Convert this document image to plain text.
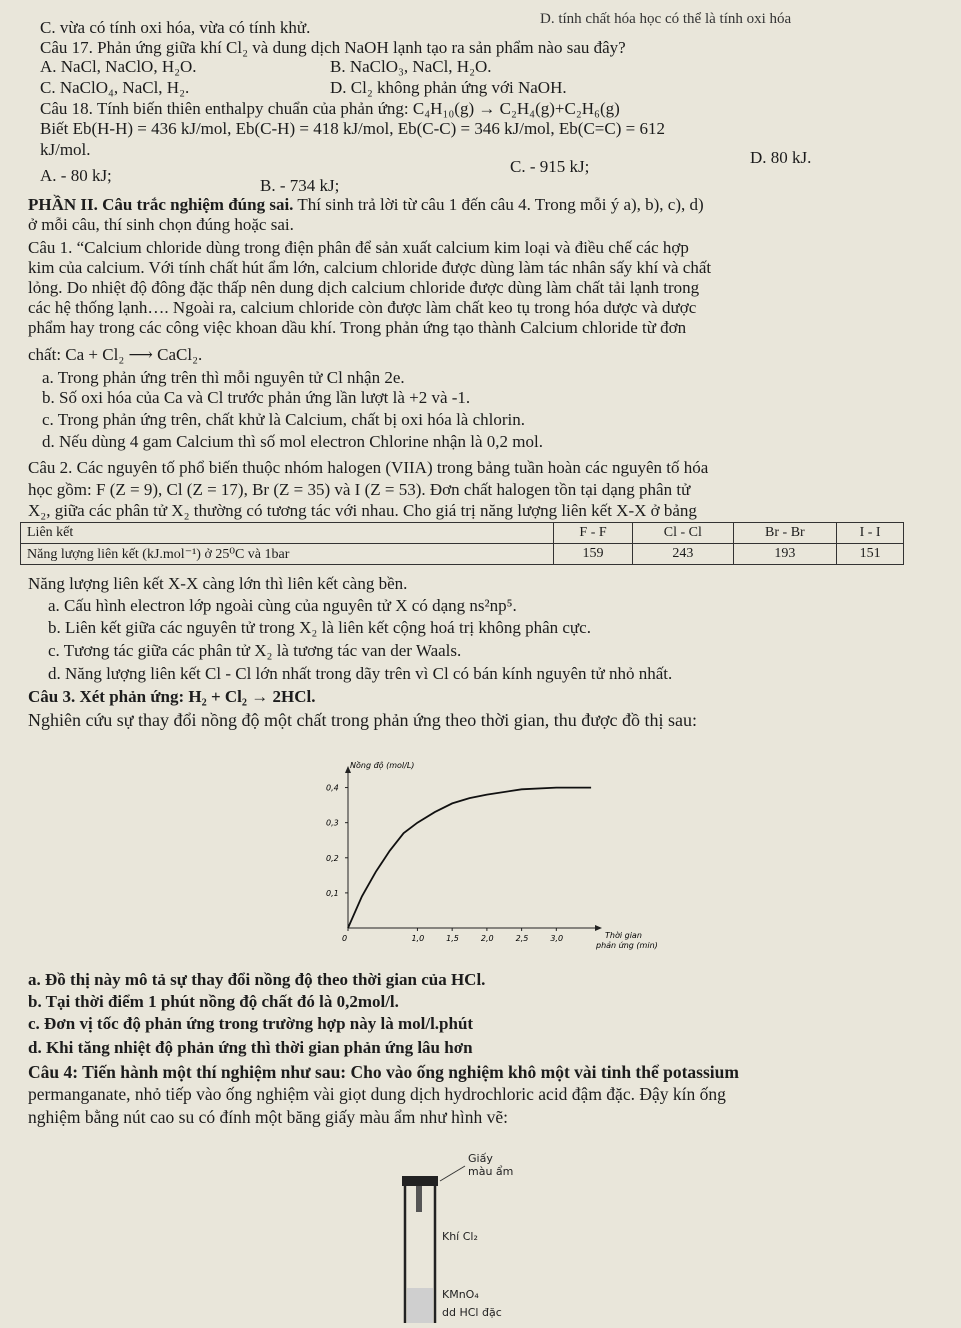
D. tính chất hóa học có thể là tính oxi hóa
C. vừa có tính oxi hóa, vừa có tính khử.
Câu 17. Phản ứng giữa khí Cl₂ và dung dịch NaOH lạnh tạo ra sản phẩm nào sau đây?
A. NaCl, NaClO, H₂O.	B. NaClO₃, NaCl, H₂O.
C. NaClO₄, NaCl, H₂.	D. Cl₂ không phản ứng với NaOH.
Câu 18. Tính biến thiên enthalpy chuẩn của phản ứng: C₄H₁₀(g) → C₂H₄(g)+C₂H₆(g)
Biết Eb(H-H) = 436 kJ/mol, Eb(C-H) = 418 kJ/mol, Eb(C-C) = 346 kJ/mol, Eb(C=C) = 612
kJ/mol.
A. - 80 kJ;
B. - 734 kJ;
C. - 915 kJ;	D. 80 kJ.
PHẦN II. Câu trắc nghiệm đúng sai. Thí sinh trả lời từ câu 1 đến câu 4. Trong mỗi ý a), b), c), d)
ở mỗi câu, thí sinh chọn đúng hoặc sai.
Câu 1. “Calcium chloride dùng trong điện phân để sản xuất calcium kim loại và điều chế các hợp
kim của calcium. Với tính chất hút ẩm lớn, calcium chloride được dùng làm tác nhân sấy khí và chất
lỏng. Do nhiệt độ đông đặc thấp nên dung dịch calcium chloride được dùng làm chất tải lạnh trong
các hệ thống lạnh…. Ngoài ra, calcium chloride còn được làm chất keo tụ trong hóa dược và dược
phẩm hay trong các công việc khoan dầu khí. Trong phản ứng tạo thành Calcium chloride từ đơn
chất: Ca + Cl₂ ⟶ CaCl₂.
a. Trong phản ứng trên thì mỗi nguyên tử Cl nhận 2e.
b. Số oxi hóa của Ca và Cl trước phản ứng lần lượt là +2 và -1.
c. Trong phản ứng trên, chất khử là Calcium, chất bị oxi hóa là chlorin.
d. Nếu dùng 4 gam Calcium thì số mol electron Chlorine nhận là 0,2 mol.
Câu 2. Các nguyên tố phổ biến thuộc nhóm halogen (VIIA) trong bảng tuần hoàn các nguyên tố hóa
học gồm: F (Z = 9), Cl (Z = 17), Br (Z = 35) và I (Z = 53). Đơn chất halogen tồn tại dạng phân tử
X₂, giữa các phân tử X₂ thường có tương tác với nhau. Cho giá trị năng lượng liên kết X-X ở bảng
Liên kết	F - F	Cl - Cl	Br - Br	I - I
Năng lượng liên kết (kJ.mol⁻¹) ở 25⁰C và 1bar	159	243	193	151
Năng lượng liên kết X-X càng lớn thì liên kết càng bền.
a. Cấu hình electron lớp ngoài cùng của nguyên tử X có dạng ns²np⁵.
b. Liên kết giữa các nguyên tử trong X₂ là liên kết cộng hoá trị không phân cực.
c. Tương tác giữa các phân tử X₂ là tương tác van der Waals.
d. Năng lượng liên kết Cl - Cl lớn nhất trong dãy trên vì Cl có bán kính nguyên tử nhỏ nhất.
Câu 3. Xét phản ứng: H₂ + Cl₂ → 2HCl.
Nghiên cứu sự thay đổi nồng độ một chất trong phản ứng theo thời gian, thu được đồ thị sau:
Nồng độ (mol/L)
0,1
0,2
0,3
0,4
0	1,0	1,5	2,0	2,5	3,0	Thời gian
phản ứng (min)
a. Đồ thị này mô tả sự thay đổi nồng độ theo thời gian của HCl.
b. Tại thời điểm 1 phút nồng độ chất đó là 0,2mol/l.
c. Đơn vị tốc độ phản ứng trong trường hợp này là mol/l.phút
d. Khi tăng nhiệt độ phản ứng thì thời gian phản ứng lâu hơn
Câu 4: Tiến hành một thí nghiệm như sau: Cho vào ống nghiệm khô một vài tinh thể potassium
permanganate, nhỏ tiếp vào ống nghiệm vài giọt dung dịch hydrochloric acid đậm đặc. Đậy kín ống
nghiệm bằng nút cao su có đính một băng giấy màu ẩm như hình vẽ:
Giấy
màu ẩm
Khí Cl₂
KMnO₄
dd HCl đặc
